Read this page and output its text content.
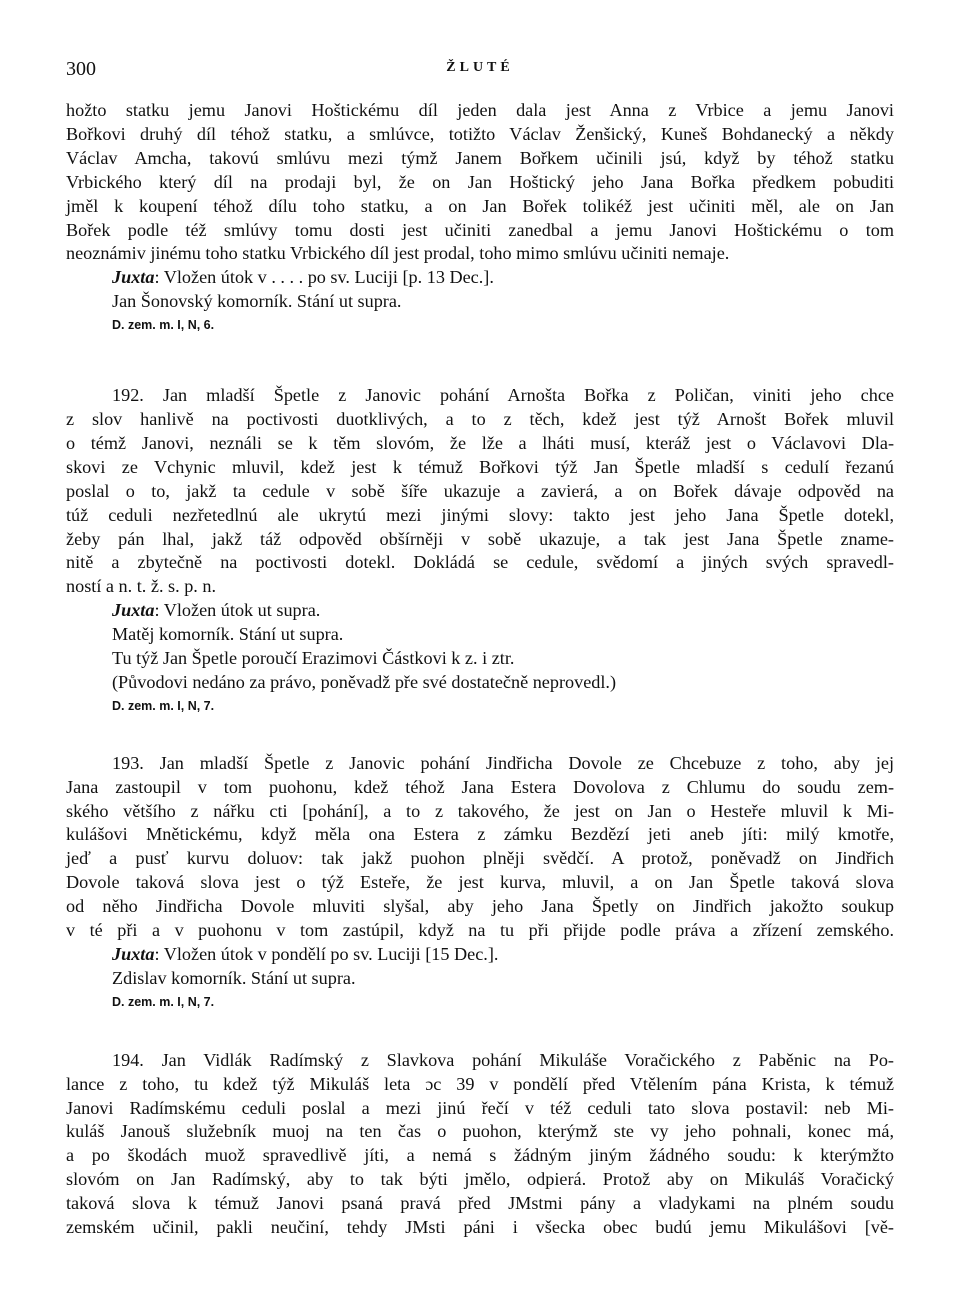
300	ŽLUTÉ

hožto statku jemu Janovi Hoštickému díl jeden dala jest Anna z Vrbice a jemu Janovi

Bořkovi druhý díl téhož statku, a smlúvce, totižto Václav Ženšický, Kuneš Bohdanecký a někdy

Václav Amcha, takovú smlúvu mezi týmž Janem Bořkem učinili jsú, když by téhož statku

Vrbického který díl na prodaji byl, že on Jan Hoštický jeho Jana Bořka předkem pobuditi

jměl k koupení téhož dílu toho statku, a on Jan Bořek tolikéž jest učiniti měl, ale on Jan

Bořek podle též smlúvy tomu dosti jest učiniti zanedbal a jemu Janovi Hoštickému o tom

neoznámiv jinému toho statku Vrbického díl jest prodal, toho mimo smlúvu učiniti nemaje.

Juxta: Vložen útok v . . . . po sv. Luciji [p. 13 Dec.].

Jan Šonovský komorník. Stání ut supra.

D. zem. m. I, N, 6.

192. Jan mladší Špetle z Janovic pohání Arnošta Bořka z Poličan, viniti jeho chce

z slov hanlivě na poctivosti duotklivých, a to z těch, kdež jest týž Arnošt Bořek mluvil

o témž Janovi, neználi se k těm slovóm, že lže a lháti musí, kteráž jest o Václavovi Dla-

skovi ze Vchynic mluvil, kdež jest k témuž Bořkovi týž Jan Špetle mladší s cedulí řezanú

poslal o to, jakž ta cedule v sobě šíře ukazuje a zavierá, a on Bořek dávaje odpověd na

túž ceduli nezřetedlnú ale ukrytú mezi jinými slovy: takto jest jeho Jana Špetle dotekl,

žeby pán lhal, jakž táž odpověd obšírněji v sobě ukazuje, a tak jest Jana Špetle zname-

nitě a zbytečně na poctivosti dotekl. Dokládá se cedule, svědomí a jiných svých spravedl-

ností a n. t. ž. s. p. n.

Juxta: Vložen útok ut supra.

Matěj komorník. Stání ut supra.

Tu týž Jan Špetle poroučí Erazimovi Částkovi k z. i ztr.

(Původovi nedáno za právo, poněvadž pře své dostatečně neprovedl.)

D. zem. m. I, N, 7.

193. Jan mladší Špetle z Janovic pohání Jindřicha Dovole ze Chcebuze z toho, aby jej

Jana zastoupil v tom puohonu, kdež téhož Jana Estera Dovolova z Chlumu do soudu zem-

ského většího z nářku cti [pohání], a to z takového, že jest on Jan o Hesteře mluvil k Mi-

kulášovi Mnětickému, když měla ona Estera z zámku Bezdězí jeti aneb jíti: milý kmotře,

jeď a pusť kurvu doluov: tak jakž puohon plněji svědčí. A protož, poněvadž on Jindřich

Dovole taková slova jest o týž Esteře, že jest kurva, mluvil, a on Jan Špetle taková slova

od něho Jindřicha Dovole mluviti slyšal, aby jeho Jana Špetly on Jindřich jakožto soukup

v té při a v puohonu v tom zastúpil, když na tu při přijde podle práva a zřízení zemského.

Juxta: Vložen útok v pondělí po sv. Luciji [15 Dec.].

Zdislav komorník. Stání ut supra.

D. zem. m. I, N, 7.

194. Jan Vidlák Radímský z Slavkova pohání Mikuláše Voračického z Paběnic na Po-

lance z toho, tu kdež týž Mikuláš leta ɔc 39 v pondělí před Vtělením pána Krista, k témuž

Janovi Radímskému ceduli poslal a mezi jinú řečí v též ceduli tato slova postavil: neb Mi-

kuláš Janouš služebník muoj na ten čas o puohon, kterýmž ste vy jeho pohnali, konec má,

a po škodách muož spravedlivě jíti, a nemá s žádným jiným žádného soudu: k kterýmžto

slovóm on Jan Radímský, aby to tak býti jmělo, odpierá. Protož aby on Mikuláš Voračický

taková slova k témuž Janovi psaná pravá před JMstmi pány a vladykami na plném soudu

zemském učinil, pakli neučiní, tehdy JMsti páni i všecka obec budú jemu Mikulášovi [vě-
